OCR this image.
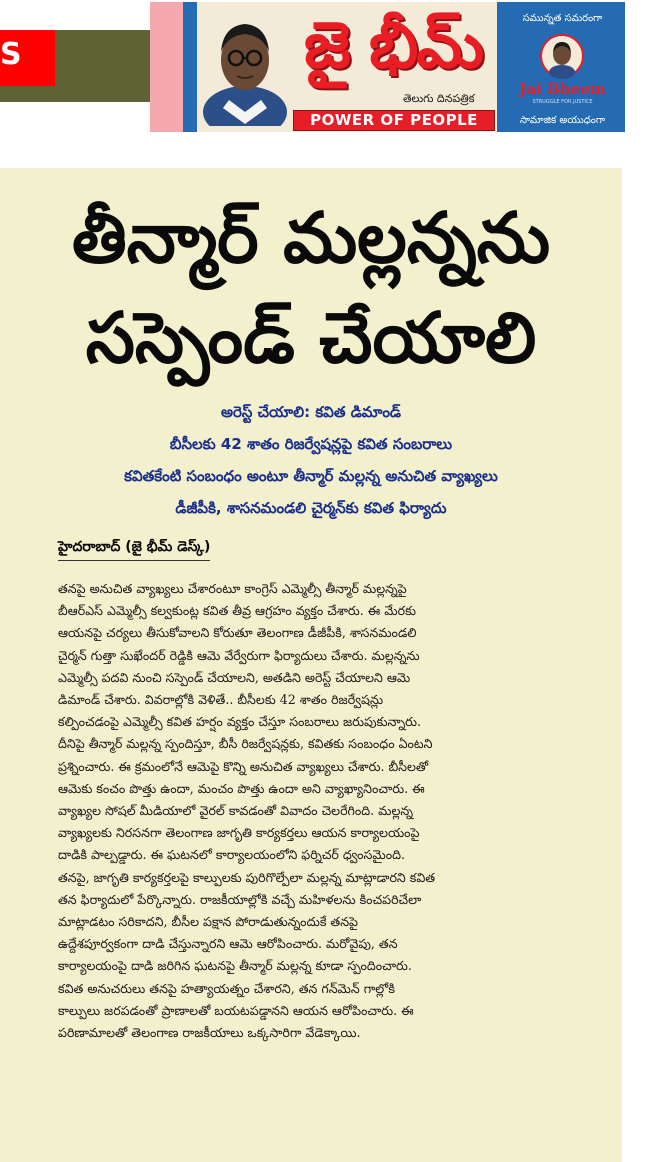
S	జై భీమ్
తెలుగు దినపత్రిక
POWER OF PEOPLE
సమున్నత సమరంగా
Jai Bheem
STRUGGLE FOR JUSTICE
సామాజిక అయుధంగా
తీన్మార్ మల్లన్నను
సస్పెండ్ చేయాలి
అరెస్ట్ చేయాలి: కవిత డిమాండ్
బీసీలకు 42 శాతం రిజర్వేషన్లపై కవిత సంబరాలు
కవితకేంటి సంబంధం అంటూ తీన్మార్ మల్లన్న అనుచిత వ్యాఖ్యలు
డీజీపీకి, శాసనమండలి చైర్మన్‌కు కవిత ఫిర్యాదు
హైదరాబాద్ (జై భీమ్ డెస్క్)
తనపై అనుచిత వ్యాఖ్యలు చేశారంటూ కాంగ్రెస్ ఎమ్మెల్సీ తీన్మార్ మల్లన్నపై
బీఆర్ఎస్ ఎమ్మెల్సీ కల్వకుంట్ల కవిత తీవ్ర ఆగ్రహం వ్యక్తం చేశారు. ఈ మేరకు
ఆయనపై చర్యలు తీసుకోవాలని కోరుతూ తెలంగాణ డీజీపీకి, శాసనమండలి
చైర్మన్ గుత్తా సుఖేందర్ రెడ్డికి ఆమె వేర్వేరుగా ఫిర్యాదులు చేశారు. మల్లన్నను
ఎమ్మెల్సీ పదవి నుంచి సస్పెండ్ చేయాలని, అతడిని అరెస్ట్ చేయాలని ఆమె
డిమాండ్ చేశారు. వివరాల్లోకి వెళితే.. బీసీలకు 42 శాతం రిజర్వేషన్లు
కల్పించడంపై ఎమ్మెల్సీ కవిత హర్షం వ్యక్తం చేస్తూ సంబరాలు జరుపుకున్నారు.
దీనిపై తీన్మార్ మల్లన్న స్పందిస్తూ, బీసీ రిజర్వేషన్లకు, కవితకు సంబంధం ఏంటని
ప్రశ్నించారు. ఈ క్రమంలోనే ఆమెపై కొన్ని అనుచిత వ్యాఖ్యలు చేశారు. బీసీలతో
ఆమెకు కంచం పొత్తు ఉందా, మంచం పొత్తు ఉందా అని వ్యాఖ్యానించారు. ఈ
వ్యాఖ్యల సోషల్ మీడియాలో వైరల్ కావడంతో వివాదం చెలరేగింది. మల్లన్న
వ్యాఖ్యలకు నిరసనగా తెలంగాణ జాగృతి కార్యకర్తలు ఆయన కార్యాలయంపై
దాడికి పాల్పడ్డారు. ఈ ఘటనలో కార్యాలయంలోని ఫర్నిచర్ ధ్వంసమైంది.
తనపై, జాగృతి కార్యకర్తలపై కాల్పులకు పురిగొల్పేలా మల్లన్న మాట్లాడారని కవిత
తన ఫిర్యాదులో పేర్కొన్నారు. రాజకీయాల్లోకి వచ్చే మహిళలను కించపరిచేలా
మాట్లాడటం సరికాదని, బీసీల పక్షాన పోరాడుతున్నందుకే తనపై
ఉద్దేశపూర్వకంగా దాడి చేస్తున్నారని ఆమె ఆరోపించారు. మరోవైపు, తన
కార్యాలయంపై దాడి జరిగిన ఘటనపై తీన్మార్ మల్లన్న కూడా స్పందించారు.
కవిత అనుచరులు తనపై హత్యాయత్నం చేశారని, తన గన్‌మెన్ గాల్లోకి
కాల్పులు జరపడంతో ప్రాణాలతో బయటపడ్డానని ఆయన ఆరోపించారు. ఈ
పరిణామాలతో తెలంగాణ రాజకీయాలు ఒక్కసారిగా వేడెక్కాయి.
